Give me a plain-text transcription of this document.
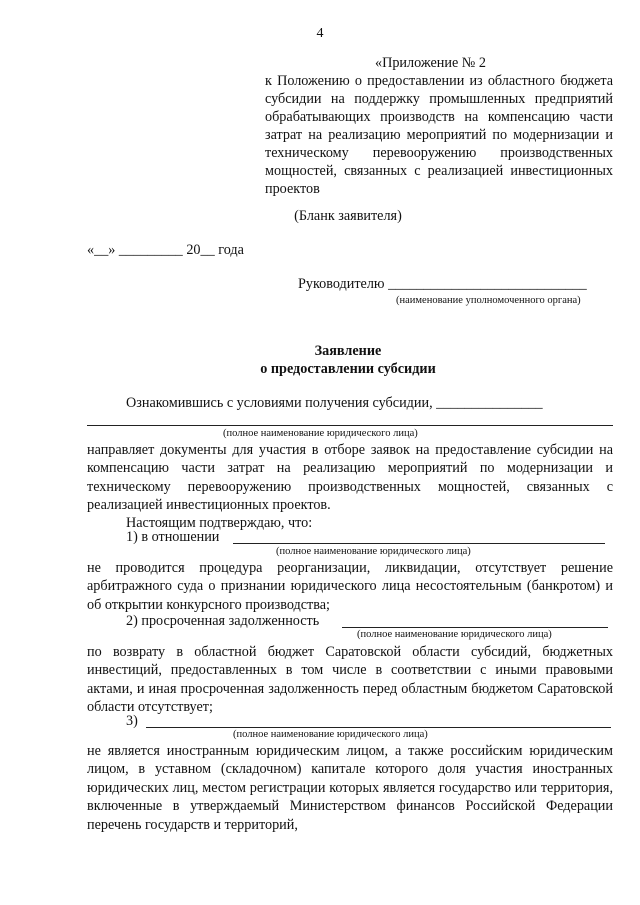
4
«Приложение № 2
к Положению о предоставлении из областного бюджета субсидии на поддержку промышленных предприятий обрабатывающих производств на компенсацию части затрат на реализацию мероприятий по модернизации и техническому перевооружению производственных мощностей, связанных с реализацией инвестиционных проектов
(Бланк заявителя)
«__» _________ 20__ года
Руководителю ____________________________
(наименование уполномоченного органа)
Заявление
о предоставлении субсидии
Ознакомившись с условиями получения субсидии, _______________
(полное наименование юридического лица)
направляет документы для участия в отборе заявок на предоставление субсидии на компенсацию части затрат на реализацию мероприятий по модернизации и техническому перевооружению производственных мощностей, связанных с реализацией инвестиционных проектов.
Настоящим подтверждаю, что:
1) в отношении
(полное наименование юридического лица)
не проводится процедура реорганизации, ликвидации, отсутствует решение арбитражного суда о признании юридического лица несостоятельным (банкротом) и об открытии конкурсного производства;
2) просроченная задолженность
(полное наименование юридического лица)
по возврату в областной бюджет Саратовской области субсидий, бюджетных инвестиций, предоставленных в том числе в соответствии с иными правовыми актами, и иная просроченная задолженность перед областным бюджетом Саратовской области отсутствует;
3)
(полное наименование юридического лица)
не является иностранным юридическим лицом, а также российским юридическим лицом, в уставном (складочном) капитале которого доля участия иностранных юридических лиц, местом регистрации которых является государство или территория, включенные в утверждаемый Министерством финансов Российской Федерации перечень государств и территорий,
